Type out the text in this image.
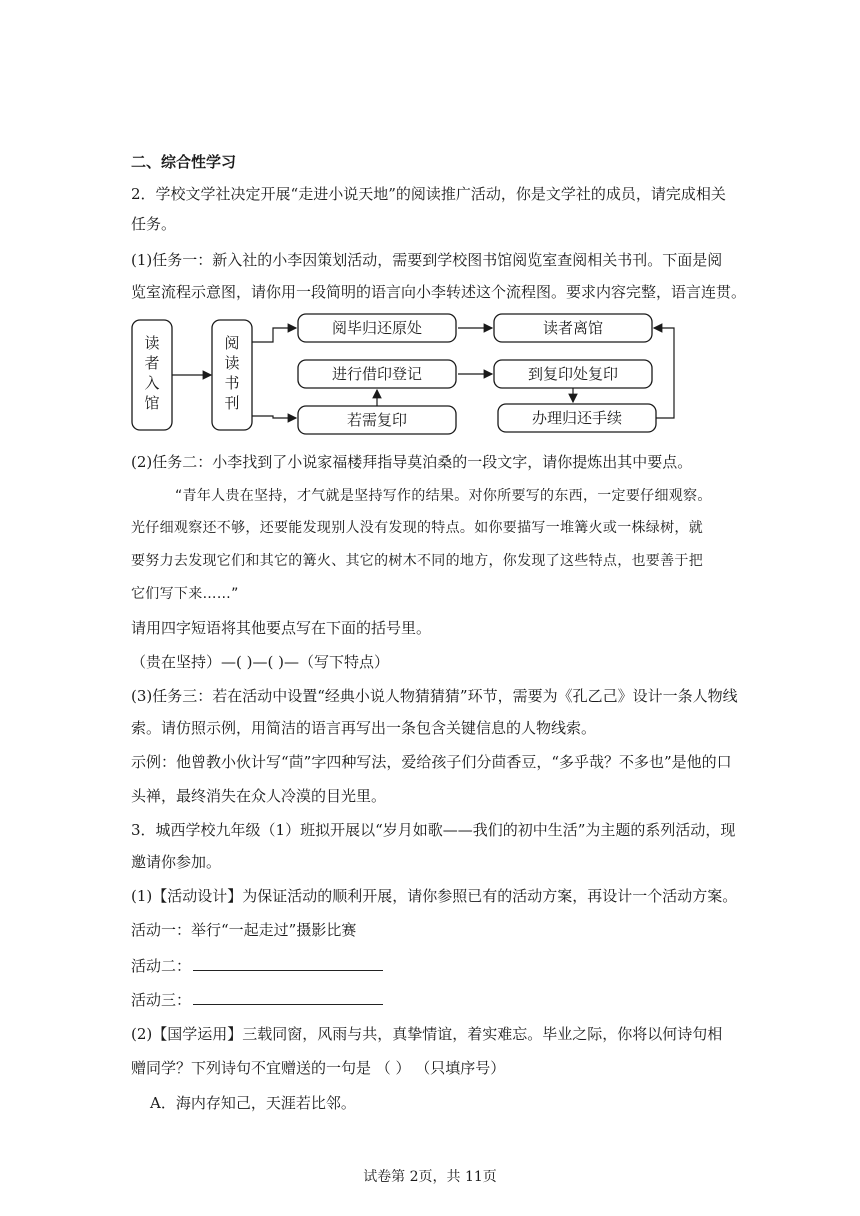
二、综合性学习
2．学校文学社决定开展“走进小说天地”的阅读推广活动，你是文学社的成员，请完成相关
任务。
(1)任务一：新入社的小李因策划活动，需要到学校图书馆阅览室查阅相关书刊。下面是阅
览室流程示意图，请你用一段简明的语言向小李转述这个流程图。要求内容完整，语言连贯。
读
者
入
馆
阅
读
书
刊
阅毕归还原处	读者离馆
进行借印登记	到复印处复印
若需复印	办理归还手续
(2)任务二：小李找到了小说家福楼拜指导莫泊桑的一段文字，请你提炼出其中要点。
“青年人贵在坚持，才气就是坚持写作的结果。对你所要写的东西，一定要仔细观察。
光仔细观察还不够，还要能发现别人没有发现的特点。如你要描写一堆篝火或一株绿树，就
要努力去发现它们和其它的篝火、其它的树木不同的地方，你发现了这些特点，也要善于把
它们写下来……”
请用四字短语将其他要点写在下面的括号里。
（贵在坚持）—( )—( )—（写下特点）
(3)任务三：若在活动中设置“经典小说人物猜猜猜”环节，需要为《孔乙己》设计一条人物线
索。请仿照示例，用简洁的语言再写出一条包含关键信息的人物线索。
示例：他曾教小伙计写“茴”字四种写法，爱给孩子们分茴香豆，“多乎哉？不多也”是他的口
头禅，最终消失在众人冷漠的目光里。
3．城西学校九年级（1）班拟开展以“岁月如歌——我们的初中生活”为主题的系列活动，现
邀请你参加。
(1)【活动设计】为保证活动的顺利开展，请你参照已有的活动方案，再设计一个活动方案。
活动一：举行“一起走过”摄影比赛
活动二：
活动三：
(2)【国学运用】三载同窗，风雨与共，真挚情谊，着实难忘。毕业之际，你将以何诗句相
赠同学？下列诗句不宜赠送的一句是 （ ） （只填序号）
A．海内存知己，天涯若比邻。
试卷第 2页，共 11页
